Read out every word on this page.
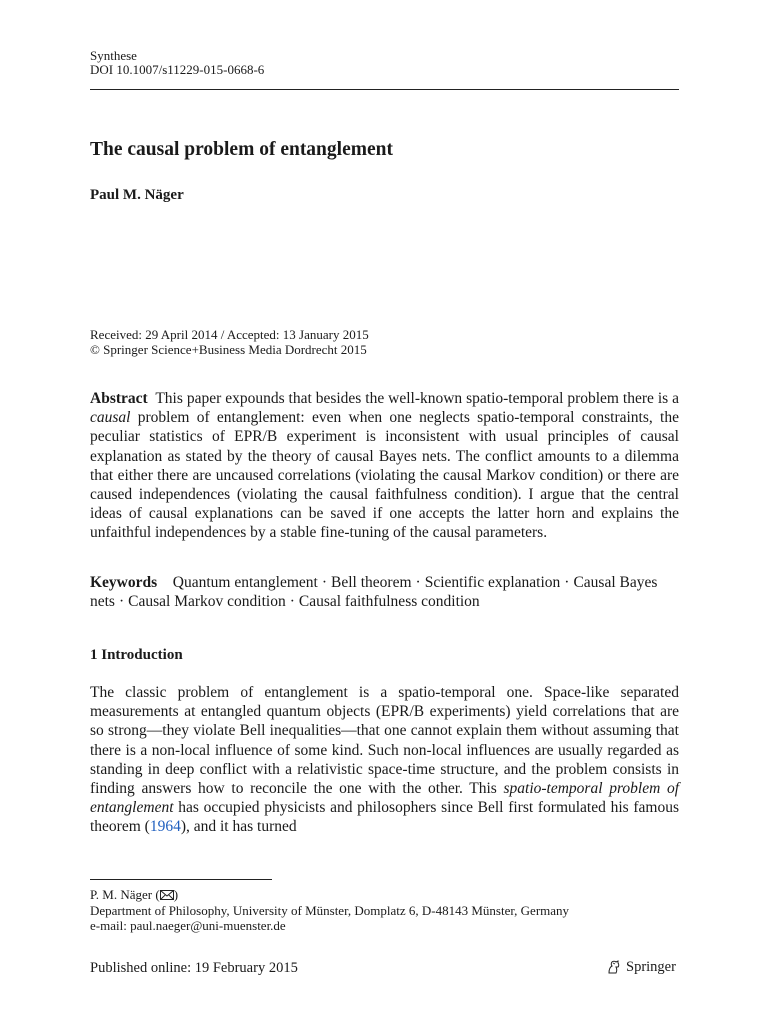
Synthese
DOI 10.1007/s11229-015-0668-6
The causal problem of entanglement
Paul M. Näger
Received: 29 April 2014 / Accepted: 13 January 2015
© Springer Science+Business Media Dordrecht 2015
Abstract This paper expounds that besides the well-known spatio-temporal problem there is a causal problem of entanglement: even when one neglects spatio-temporal constraints, the peculiar statistics of EPR/B experiment is inconsistent with usual principles of causal explanation as stated by the theory of causal Bayes nets. The conflict amounts to a dilemma that either there are uncaused correlations (violating the causal Markov condition) or there are caused independences (violating the causal faithfulness condition). I argue that the central ideas of causal explanations can be saved if one accepts the latter horn and explains the unfaithful independences by a stable fine-tuning of the causal parameters.
Keywords Quantum entanglement · Bell theorem · Scientific explanation · Causal Bayes nets · Causal Markov condition · Causal faithfulness condition
1 Introduction
The classic problem of entanglement is a spatio-temporal one. Space-like separated measurements at entangled quantum objects (EPR/B experiments) yield correlations that are so strong—they violate Bell inequalities—that one cannot explain them without assuming that there is a non-local influence of some kind. Such non-local influences are usually regarded as standing in deep conflict with a relativistic space-time structure, and the problem consists in finding answers how to reconcile the one with the other. This spatio-temporal problem of entanglement has occupied physicists and philosophers since Bell first formulated his famous theorem (1964), and it has turned
P. M. Näger ( )
Department of Philosophy, University of Münster, Domplatz 6, D-48143 Münster, Germany
e-mail: paul.naeger@uni-muenster.de
Published online: 19 February 2015	Springer
